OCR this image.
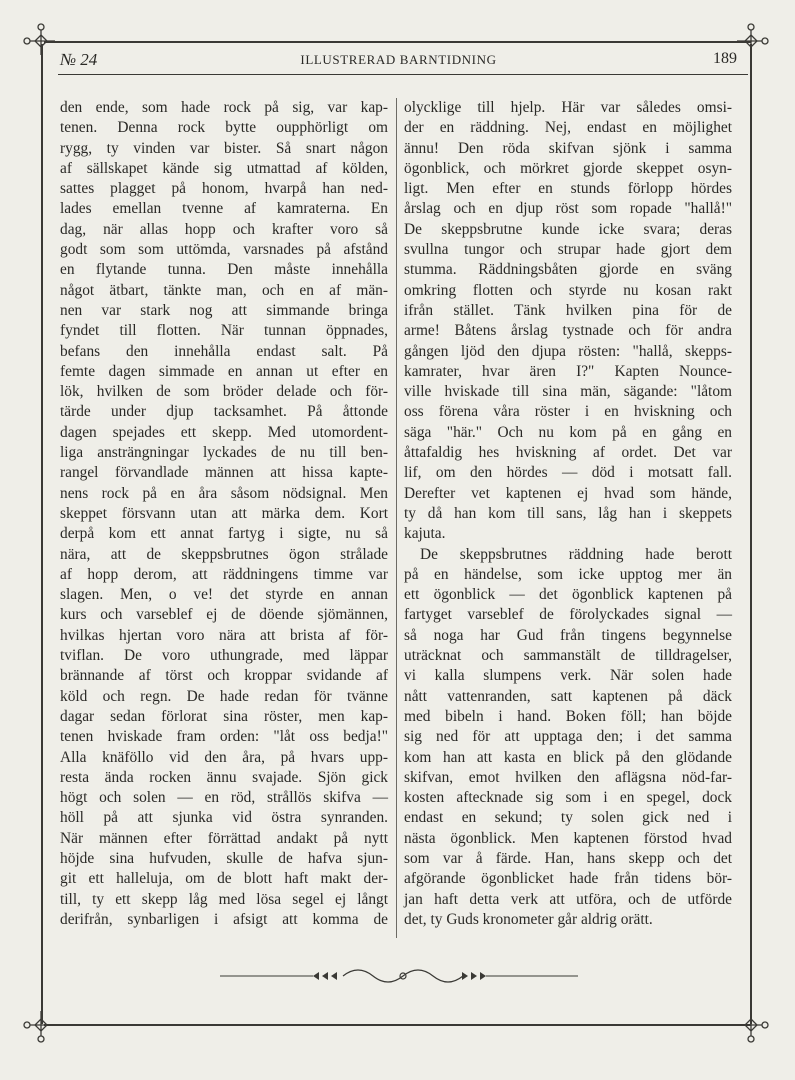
№ 24	ILLUSTRERAD BARNTIDNING	189
den ende, som hade rock på sig, var kap-
tenen. Denna rock bytte oupphörligt om
rygg, ty vinden var bister. Så snart någon
af sällskapet kände sig utmattad af kölden,
sattes plagget på honom, hvarpå han ned-
lades emellan tvenne af kamraterna. En
dag, när allas hopp och krafter voro så
godt som som uttömda, varsnades på afstånd
en flytande tunna. Den måste innehålla
något ätbart, tänkte man, och en af män-
nen var stark nog att simmande bringa
fyndet till flotten. När tunnan öppnades,
befans den innehålla endast salt. På
femte dagen simmade en annan ut efter en
lök, hvilken de som bröder delade och för-
tärde under djup tacksamhet. På åttonde
dagen spejades ett skepp. Med utomordent-
liga ansträngningar lyckades de nu till ben-
rangel förvandlade männen att hissa kapte-
nens rock på en åra såsom nödsignal. Men
skeppet försvann utan att märka dem. Kort
derpå kom ett annat fartyg i sigte, nu så
nära, att de skeppsbrutnes ögon strålade
af hopp derom, att räddningens timme var
slagen. Men, o ve! det styrde en annan
kurs och varseblef ej de döende sjömännen,
hvilkas hjertan voro nära att brista af för-
tviflan. De voro uthungrade, med läppar
brännande af törst och kroppar svidande af
köld och regn. De hade redan för tvänne
dagar sedan förlorat sina röster, men kap-
tenen hviskade fram orden: "låt oss bedja!"
Alla knäföllo vid den åra, på hvars upp-
resta ända rocken ännu svajade. Sjön gick
högt och solen — en röd, strållös skifva —
höll på att sjunka vid östra synranden.
När männen efter förrättad andakt på nytt
höjde sina hufvuden, skulle de hafva sjun-
git ett halleluja, om de blott haft makt der-
till, ty ett skepp låg med lösa segel ej långt
derifrån, synbarligen i afsigt att komma de
olycklige till hjelp. Här var således omsi-
der en räddning. Nej, endast en möjlighet
ännu! Den röda skifvan sjönk i samma
ögonblick, och mörkret gjorde skeppet osyn-
ligt. Men efter en stunds förlopp hördes
årslag och en djup röst som ropade "hallå!"
De skeppsbrutne kunde icke svara; deras
svullna tungor och strupar hade gjort dem
stumma. Räddningsbåten gjorde en sväng
omkring flotten och styrde nu kosan rakt
ifrån stället. Tänk hvilken pina för de
arme! Båtens årslag tystnade och för andra
gången ljöd den djupa rösten: "hallå, skepps-
kamrater, hvar ären I?" Kapten Nounce-
ville hviskade till sina män, sägande: "låtom
oss förena våra röster i en hviskning och
säga "här." Och nu kom på en gång en
åttafaldig hes hviskning af ordet. Det var
lif, om den hördes — död i motsatt fall.
Derefter vet kaptenen ej hvad som hände,
ty då han kom till sans, låg han i skeppets
kajuta.
De skeppsbrutnes räddning hade berott
på en händelse, som icke upptog mer än
ett ögonblick — det ögonblick kaptenen på
fartyget varseblef de förolyckades signal —
så noga har Gud från tingens begynnelse
uträcknat och sammanstält de tilldragelser,
vi kalla slumpens verk. När solen hade
nått vattenranden, satt kaptenen på däck
med bibeln i hand. Boken föll; han böjde
sig ned för att upptaga den; i det samma
kom han att kasta en blick på den glödande
skifvan, emot hvilken den aflägsna nöd-far-
kosten aftecknade sig som i en spegel, dock
endast en sekund; ty solen gick ned i
nästa ögonblick. Men kaptenen förstod hvad
som var å färde. Han, hans skepp och det
afgörande ögonblicket hade från tidens bör-
jan haft detta verk att utföra, och de utförde
det, ty Guds kronometer går aldrig orätt.
